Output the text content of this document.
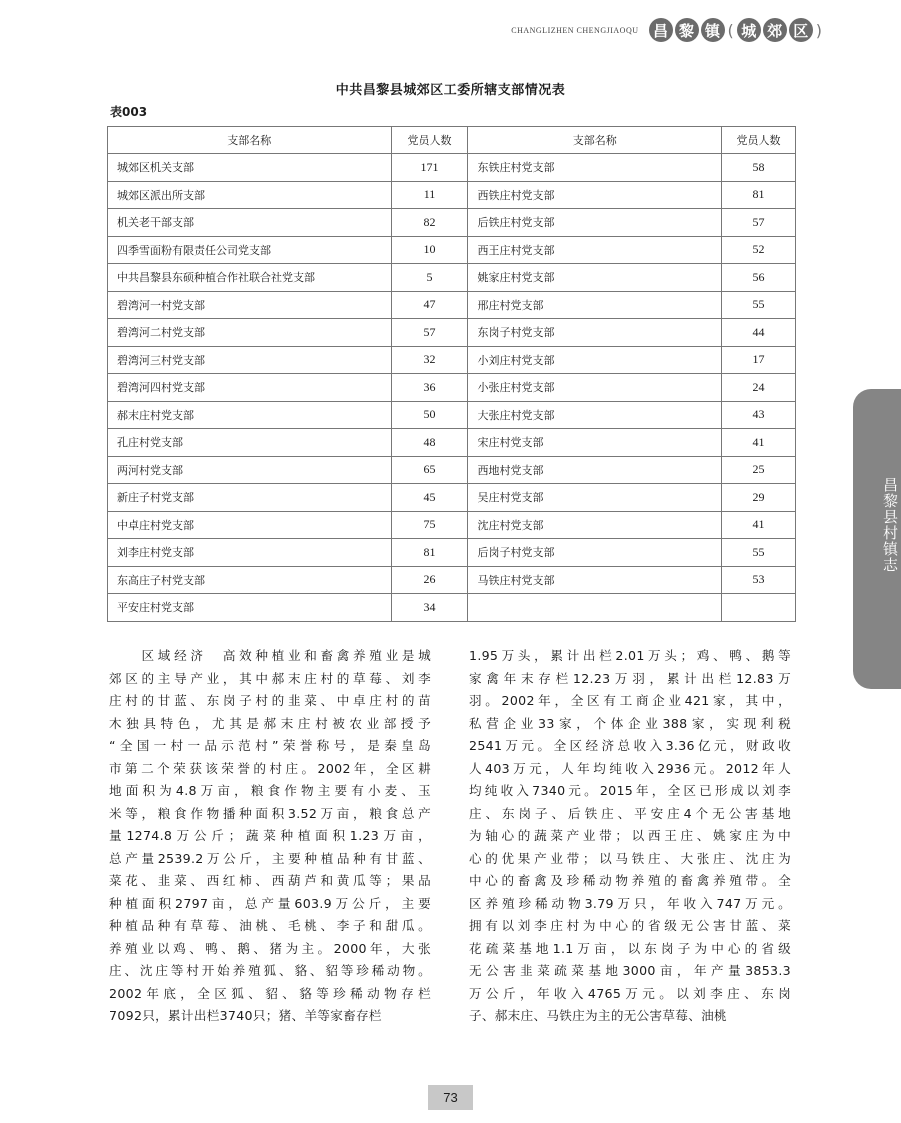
CHANGLIZHEN CHENGJIAOQU 昌 黎 镇 ( 城 郊 区 )
中共昌黎县城郊区工委所辖支部情况表
表003
支部名称	党员人数	支部名称	党员人数
城郊区机关支部	171	东铁庄村党支部	58
城郊区派出所支部	11	西铁庄村党支部	81
机关老干部支部	82	后铁庄村党支部	57
四季雪面粉有限责任公司党支部	10	西王庄村党支部	52
中共昌黎县东硕种植合作社联合社党支部	5	姚家庄村党支部	56
碧湾河一村党支部	47	邢庄村党支部	55
碧湾河二村党支部	57	东岗子村党支部	44
碧湾河三村党支部	32	小刘庄村党支部	17
碧湾河四村党支部	36	小张庄村党支部	24
郝末庄村党支部	50	大张庄村党支部	43
孔庄村党支部	48	宋庄村党支部	41
两河村党支部	65	西地村党支部	25
新庄子村党支部	45	吴庄村党支部	29
中卓庄村党支部	75	沈庄村党支部	41
刘李庄村党支部	81	后岗子村党支部	55
东高庄子村党支部	26	马铁庄村党支部	53
平安庄村党支部	34		
　　区域经济　高效种植业和畜禽养殖业是城
郊区的主导产业，其中郝末庄村的草莓、刘李
庄村的甘蓝、东岗子村的韭菜、中卓庄村的苗
木独具特色，尤其是郝末庄村被农业部授予
“全国一村一品示范村”荣誉称号，是秦皇岛
市第二个荣获该荣誉的村庄。2002年，全区耕
地面积为4.8万亩，粮食作物主要有小麦、玉
米等，粮食作物播种面积3.52万亩，粮食总产
量1274.8万公斤；蔬菜种植面积1.23万亩，
总产量2539.2万公斤，主要种植品种有甘蓝、
菜花、韭菜、西红柿、西葫芦和黄瓜等；果品
种植面积2797亩，总产量603.9万公斤，主要
种植品种有草莓、油桃、毛桃、李子和甜瓜。
养殖业以鸡、鸭、鹅、猪为主。2000年，大张
庄、沈庄等村开始养殖狐、貉、貂等珍稀动物。
2002年底，全区狐、貂、貉等珍稀动物存栏
7092只，累计出栏3740只；猪、羊等家畜存栏
1.95万头，累计出栏2.01万头；鸡、鸭、鹅等
家禽年末存栏12.23万羽，累计出栏12.83万
羽。2002年，全区有工商企业421家，其中，
私营企业33家，个体企业388家，实现利税
2541万元。全区经济总收入3.36亿元，财政收
人403万元，人年均纯收入2936元。2012年人
均纯收入7340元。2015年，全区已形成以刘李
庄、东岗子、后铁庄、平安庄4个无公害基地
为轴心的蔬菜产业带；以西王庄、姚家庄为中
心的优果产业带；以马铁庄、大张庄、沈庄为
中心的畜禽及珍稀动物养殖的畜禽养殖带。全
区养殖珍稀动物3.79万只，年收入747万元。
拥有以刘李庄村为中心的省级无公害甘蓝、菜
花疏菜基地1.1万亩，以东岗子为中心的省级
无公害韭菜疏菜基地3000亩，年产量3853.3
万公斤，年收入4765万元。以刘李庄、东岗
子、郝末庄、马铁庄为主的无公害草莓、油桃
昌黎县村镇志
73
